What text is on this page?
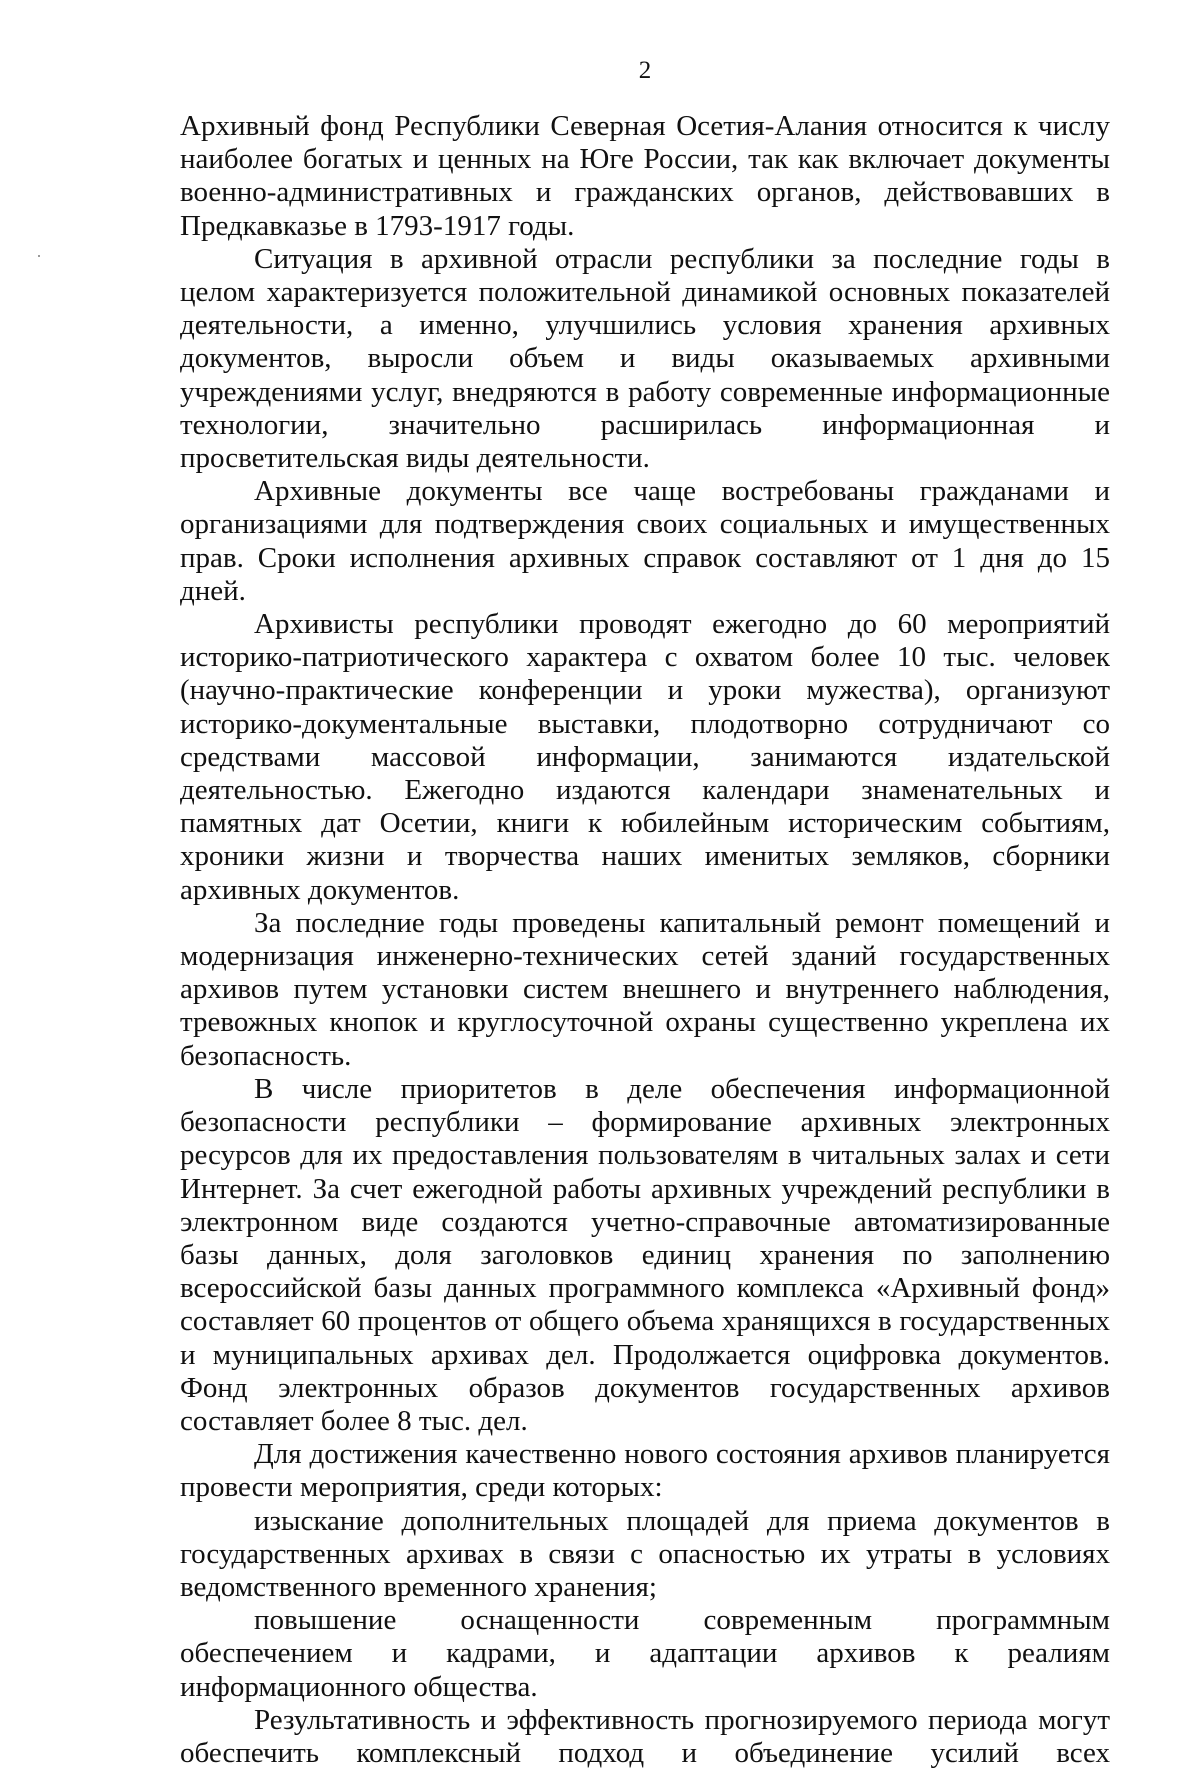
2

Архивный фонд Республики Северная Осетия-Алания относится к числу наиболее богатых и ценных на Юге России, так как включает документы военно-административных и гражданских органов, действовавших в Предкавказье в 1793-1917 годы.

Ситуация в архивной отрасли республики за последние годы в целом характеризуется положительной динамикой основных показателей деятельности, а именно, улучшились условия хранения архивных документов, выросли объем и виды оказываемых архивными учреждениями услуг, внедряются в работу современные информационные технологии, значительно расширилась информационная и просветительская виды деятельности.

Архивные документы все чаще востребованы гражданами и организациями для подтверждения своих социальных и имущественных прав. Сроки исполнения архивных справок составляют от 1 дня до 15 дней.

Архивисты республики проводят ежегодно до 60 мероприятий историко-патриотического характера с охватом более 10 тыс. человек (научно-практические конференции и уроки мужества), организуют историко-документальные выставки, плодотворно сотрудничают со средствами массовой информации, занимаются издательской деятельностью. Ежегодно издаются календари знаменательных и памятных дат Осетии, книги к юбилейным историческим событиям, хроники жизни и творчества наших именитых земляков, сборники архивных документов.

За последние годы проведены капитальный ремонт помещений и модернизация инженерно-технических сетей зданий государственных архивов путем установки систем внешнего и внутреннего наблюдения, тревожных кнопок и круглосуточной охраны существенно укреплена их безопасность.

В числе приоритетов в деле обеспечения информационной безопасности республики – формирование архивных электронных ресурсов для их предоставления пользователям в читальных залах и сети Интернет. За счет ежегодной работы архивных учреждений республики в электронном виде создаются учетно-справочные автоматизированные базы данных, доля заголовков единиц хранения по заполнению всероссийской базы данных программного комплекса «Архивный фонд» составляет 60 процентов от общего объема хранящихся в государственных и муниципальных архивах дел. Продолжается оцифровка документов. Фонд электронных образов документов государственных архивов составляет более 8 тыс. дел.

Для достижения качественно нового состояния архивов планируется провести мероприятия, среди которых:

изыскание дополнительных площадей для приема документов в государственных архивах в связи с опасностью их утраты в условиях ведомственного временного хранения;

повышение оснащенности современным программным обеспечением и кадрами, и адаптации архивов к реалиям информационного общества.

Результативность и эффективность прогнозируемого периода могут обеспечить комплексный подход и объединение усилий всех
